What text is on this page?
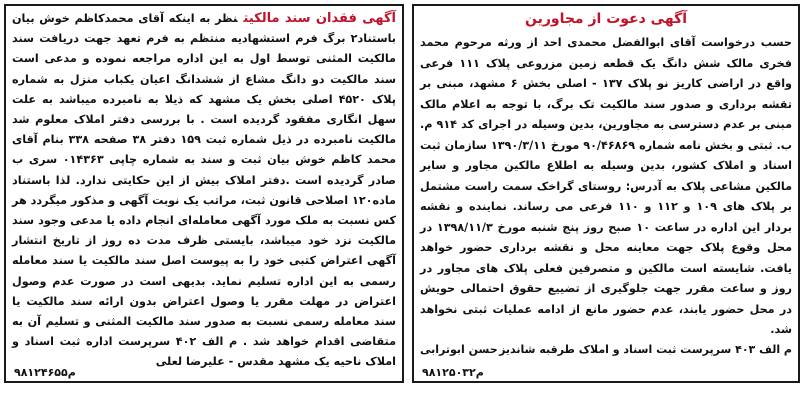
آگهی فقدان سند مالکیتنظر به اینکه آقای محمدکاظم خوش بیان باستناد۲ برگ فرم استشهادیه منتظم به فرم تعهد جهت دریافت سند مالکیت المثنی توسط اول به این اداره مراجعه نموده و مدعی است سند مالکیت دو دانگ مشاع از ششدانگ اعیان یکباب منزل به شماره پلاک ۴۵۲۰ اصلی بخش یک مشهد که ذیلا به نامبرده میباشد به علت سهل انگاری مفقود گردیده است . با بررسی دفتر املاک معلوم شد مالکیت نامبرده در ذیل شماره ثبت ۱۵۹ دفتر ۳۸ صفحه ۳۳۸ بنام آقای محمد کاظم خوش بیان ثبت و سند به شماره چاپی ۰۱۴۳۶۳ سری ب صادر گردیده است .دفتر املاک بیش از این حکایتی ندارد. لذا باستناد ماده۱۲۰ اصلاحی قانون ثبت، مراتب یک نوبت آگهی و مذکور میگردد هر کس نسبت به ملک مورد آگهی معامله‌ای انجام داده یا مدعی وجود سند مالکیت نزد خود میباشد، بایستی ظرف مدت ده روز از تاریخ انتشار آگهی اعتراض کتبی خود را به پیوست اصل سند مالکیت یا سند معامله رسمی به این اداره تسلیم نماید. بدیهی است در صورت عدم وصول اعتراض در مهلت مقرر یا وصول اعتراض بدون ارائه سند مالکیت یا سند معامله رسمی نسبت به صدور سند مالکیت المثنی و تسلیم آن به متقاضی اقدام خواهد شد . م الف ۴۰۲ سرپرست اداره ثبت اسناد و املاک ناحیه یک مشهد مقدس - علیرضا لعلی

م۹۸۱۲۴۶۵۵
آگهی دعوت از مجاورین

حسب درخواست آقای ابوالفضل محمدی احد از ورثه مرحوم محمد فخری مالک شش دانگ یک قطعه زمین مزروعی پلاک ۱۱۱ فرعی واقع در اراضی کاریز نو پلاک ۱۳۷ - اصلی بخش ۶ مشهد، مبنی بر تقشه برداری و صدور سند مالکیت تک برگ، با توجه به اعلام مالک مبنی بر عدم دسترسی به مجاورین، بدین وسیله در اجرای کد ۹۱۴ م. ب. ثبتی و بخش نامه شماره ۹۰/۴۶۸۶۹ مورخ ۱۳۹۰/۳/۱۱ سازمان ثبت اسناد و املاک کشور، بدین وسیله به اطلاع مالکین مجاور و سایر مالکین مشاعی پلاک به آدرس: روستای گراخک سمت راست مشتمل بر پلاک های ۱۰۹ و ۱۱۲ و ۱۱۰ فرعی می رساند. نماینده و نقشه بردار این اداره در ساعت ۱۰ صبح روز پنج شنبه مورخ ۱۳۹۸/۱۱/۳ در محل وقوع پلاک جهت معاینه محل و نقشه برداری حضور خواهد یافت. شایسته است مالکین و متصرفین فعلی پلاک های مجاور در روز و ساعت مقرر جهت جلوگیری از تضییع حقوق احتمالی حویش در محل حضور یابند، عدم حضور مانع از ادامه عملیات ثبتی نخواهد شد.

م الف ۴۰۳ سرپرست ثبت اسناد و املاک طرقبه شاندیز
حسن ابوترابی

م۹۸۱۲۵۰۳۲
